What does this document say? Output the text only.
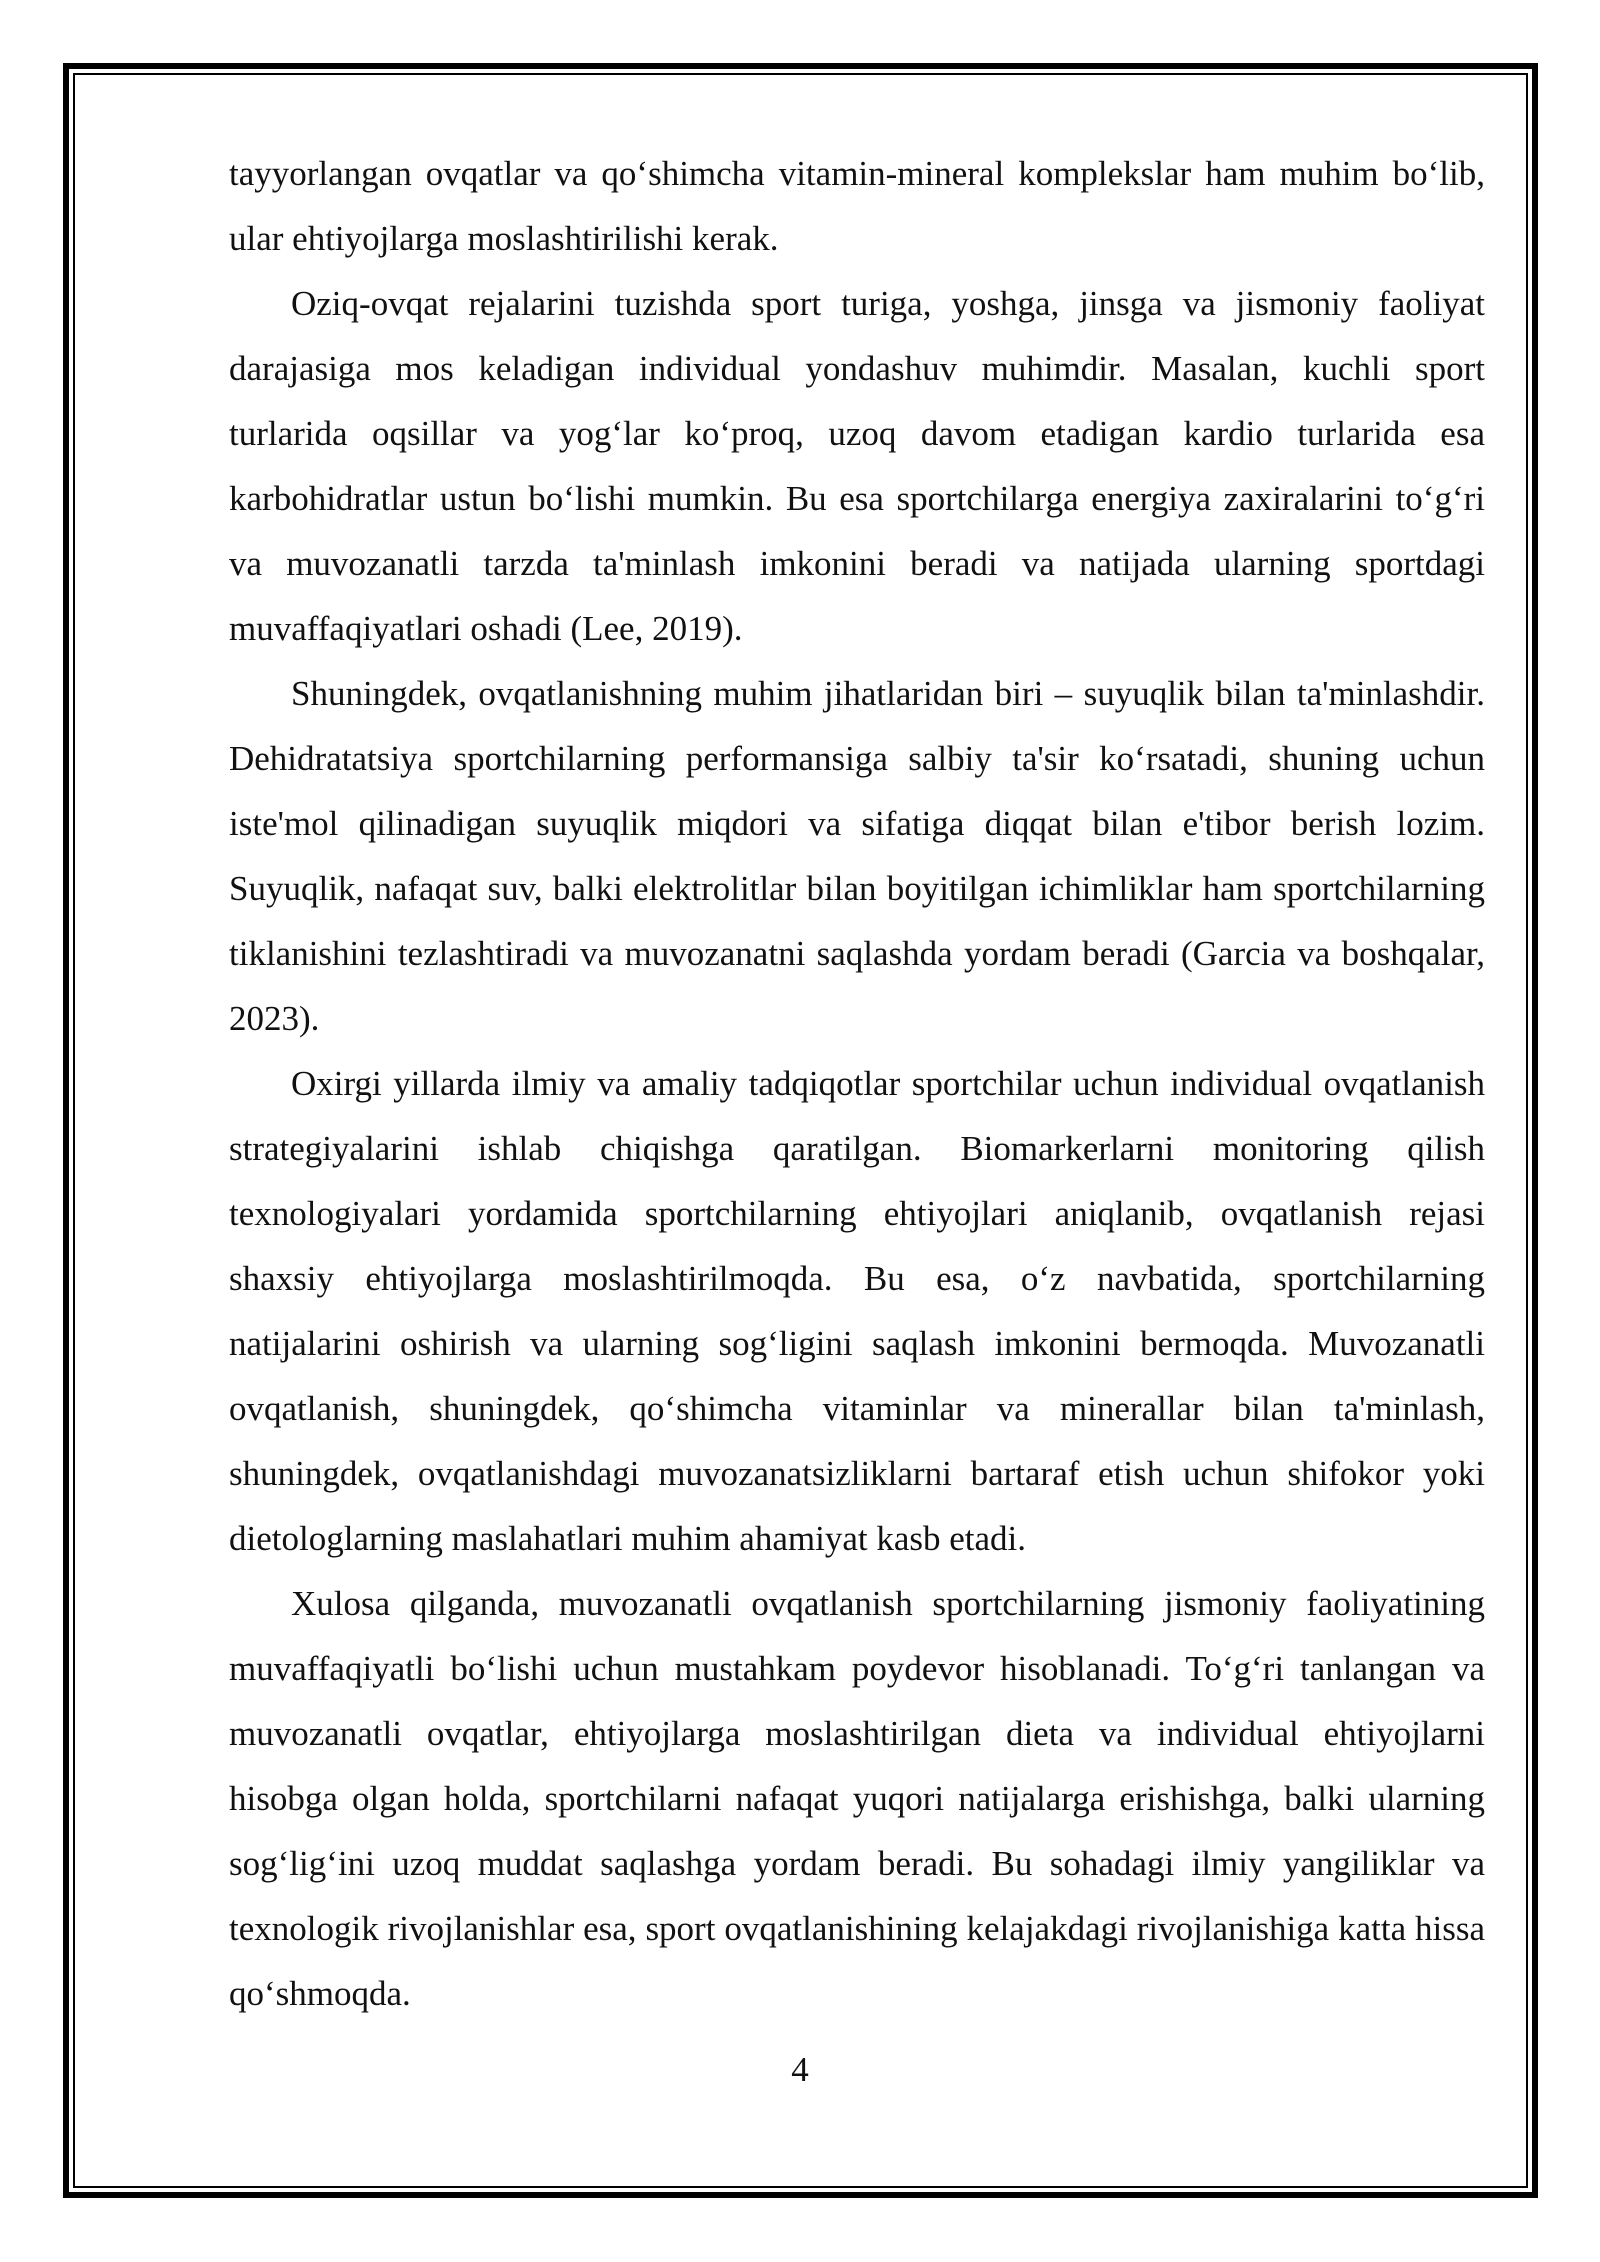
tayyorlangan ovqatlar va qo‘shimcha vitamin-mineral komplekslar ham muhim bo‘lib, ular ehtiyojlarga moslashtirilishi kerak.

Oziq-ovqat rejalarini tuzishda sport turiga, yoshga, jinsga va jismoniy faoliyat darajasiga mos keladigan individual yondashuv muhimdir. Masalan, kuchli sport turlarida oqsillar va yog‘lar ko‘proq, uzoq davom etadigan kardio turlarida esa karbohidratlar ustun bo‘lishi mumkin. Bu esa sportchilarga energiya zaxiralarini to‘g‘ri va muvozanatli tarzda ta'minlash imkonini beradi va natijada ularning sportdagi muvaffaqiyatlari oshadi (Lee, 2019).

Shuningdek, ovqatlanishning muhim jihatlaridan biri – suyuqlik bilan ta'minlashdir. Dehidratatsiya sportchilarning performansiga salbiy ta'sir ko‘rsatadi, shuning uchun iste'mol qilinadigan suyuqlik miqdori va sifatiga diqqat bilan e'tibor berish lozim. Suyuqlik, nafaqat suv, balki elektrolitlar bilan boyitilgan ichimliklar ham sportchilarning tiklanishini tezlashtiradi va muvozanatni saqlashda yordam beradi (Garcia va boshqalar, 2023).

Oxirgi yillarda ilmiy va amaliy tadqiqotlar sportchilar uchun individual ovqatlanish strategiyalarini ishlab chiqishga qaratilgan. Biomarkerlarni monitoring qilish texnologiyalari yordamida sportchilarning ehtiyojlari aniqlanib, ovqatlanish rejasi shaxsiy ehtiyojlarga moslashtirilmoqda. Bu esa, o‘z navbatida, sportchilarning natijalarini oshirish va ularning sog‘ligini saqlash imkonini bermoqda. Muvozanatli ovqatlanish, shuningdek, qo‘shimcha vitaminlar va minerallar bilan ta'minlash, shuningdek, ovqatlanishdagi muvozanatsizliklarni bartaraf etish uchun shifokor yoki dietologlarning maslahatlari muhim ahamiyat kasb etadi.

Xulosa qilganda, muvozanatli ovqatlanish sportchilarning jismoniy faoliyatining muvaffaqiyatli bo‘lishi uchun mustahkam poydevor hisoblanadi. To‘g‘ri tanlangan va muvozanatli ovqatlar, ehtiyojlarga moslashtirilgan dieta va individual ehtiyojlarni hisobga olgan holda, sportchilarni nafaqat yuqori natijalarga erishishga, balki ularning sog‘lig‘ini uzoq muddat saqlashga yordam beradi. Bu sohadagi ilmiy yangiliklar va texnologik rivojlanishlar esa, sport ovqatlanishining kelajakdagi rivojlanishiga katta hissa qo‘shmoqda.

4
